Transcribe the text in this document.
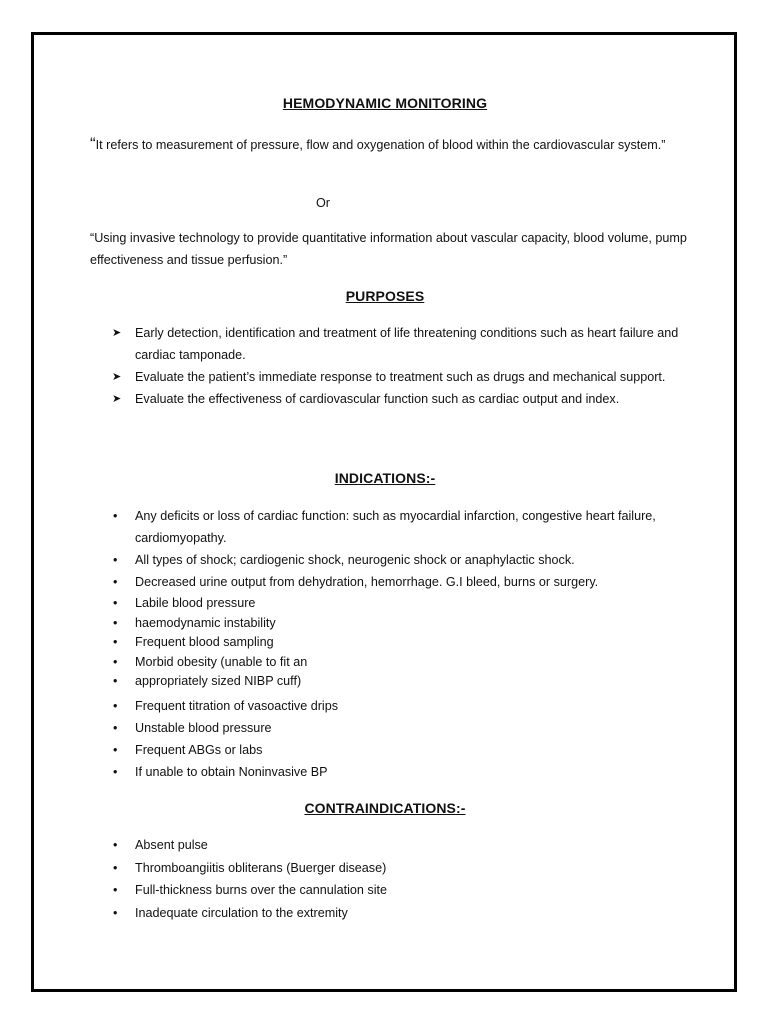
HEMODYNAMIC MONITORING
“It refers to measurement of pressure, flow and oxygenation of blood within the cardiovascular system.”
Or
“Using invasive technology to provide quantitative information about vascular capacity, blood volume, pump effectiveness and tissue perfusion.”
PURPOSES
➤ Early detection, identification and treatment of life threatening conditions such as heart failure and cardiac tamponade.
➤ Evaluate the patient’s immediate response to treatment such as drugs and mechanical support.
➤ Evaluate the effectiveness of cardiovascular function such as cardiac output and index.
INDICATIONS:-
• Any deficits or loss of cardiac function: such as myocardial infarction, congestive heart failure, cardiomyopathy.
• All types of shock; cardiogenic shock, neurogenic shock or anaphylactic shock.
• Decreased urine output from dehydration, hemorrhage. G.I bleed, burns or surgery.
• Labile blood pressure
• haemodynamic instability
• Frequent blood sampling
• Morbid obesity (unable to fit an
• appropriately sized NIBP cuff)
• Frequent titration of vasoactive drips
• Unstable blood pressure
• Frequent ABGs or labs
• If unable to obtain Noninvasive BP
CONTRAINDICATIONS:-
• Absent pulse
• Thromboangiitis obliterans (Buerger disease)
• Full-thickness burns over the cannulation site
• Inadequate circulation to the extremity
